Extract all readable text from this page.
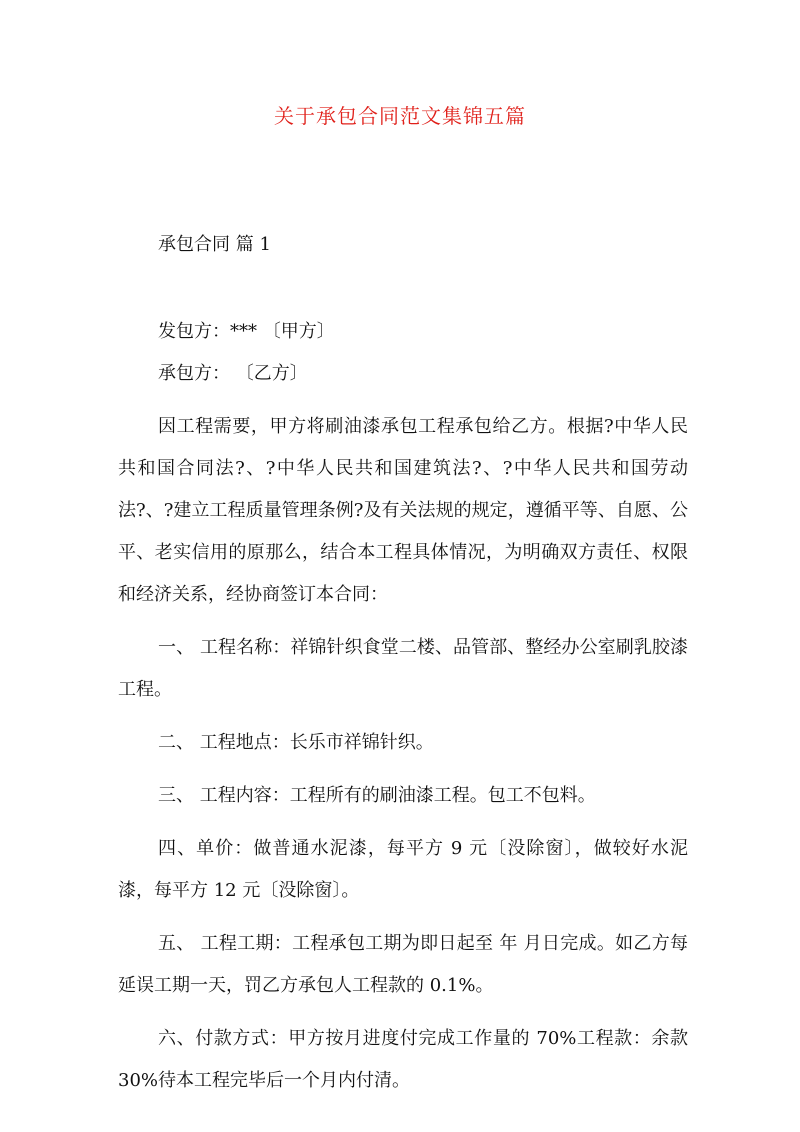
关于承包合同范文集锦五篇
承包合同 篇 1

发包方：*** 〔甲方〕

承包方： 〔乙方〕

因工程需要，甲方将刷油漆承包工程承包给乙方。根据?中华人民共和国合同法?、?中华人民共和国建筑法?、?中华人民共和国劳动法?、?建立工程质量管理条例?及有关法规的规定，遵循平等、自愿、公平、老实信用的原那么，结合本工程具体情况，为明确双方责任、权限和经济关系，经协商签订本合同：

一、 工程名称：祥锦针织食堂二楼、品管部、整经办公室刷乳胶漆工程。

二、 工程地点：长乐市祥锦针织。

三、 工程内容：工程所有的刷油漆工程。包工不包料。

四、单价：做普通水泥漆，每平方 9 元〔没除窗〕，做较好水泥漆，每平方 12 元〔没除窗〕。

五、 工程工期：工程承包工期为即日起至 年 月日完成。如乙方每延误工期一天，罚乙方承包人工程款的 0.1%。

六、付款方式：甲方按月进度付完成工作量的 70%工程款：余款 30%待本工程完毕后一个月内付清。
